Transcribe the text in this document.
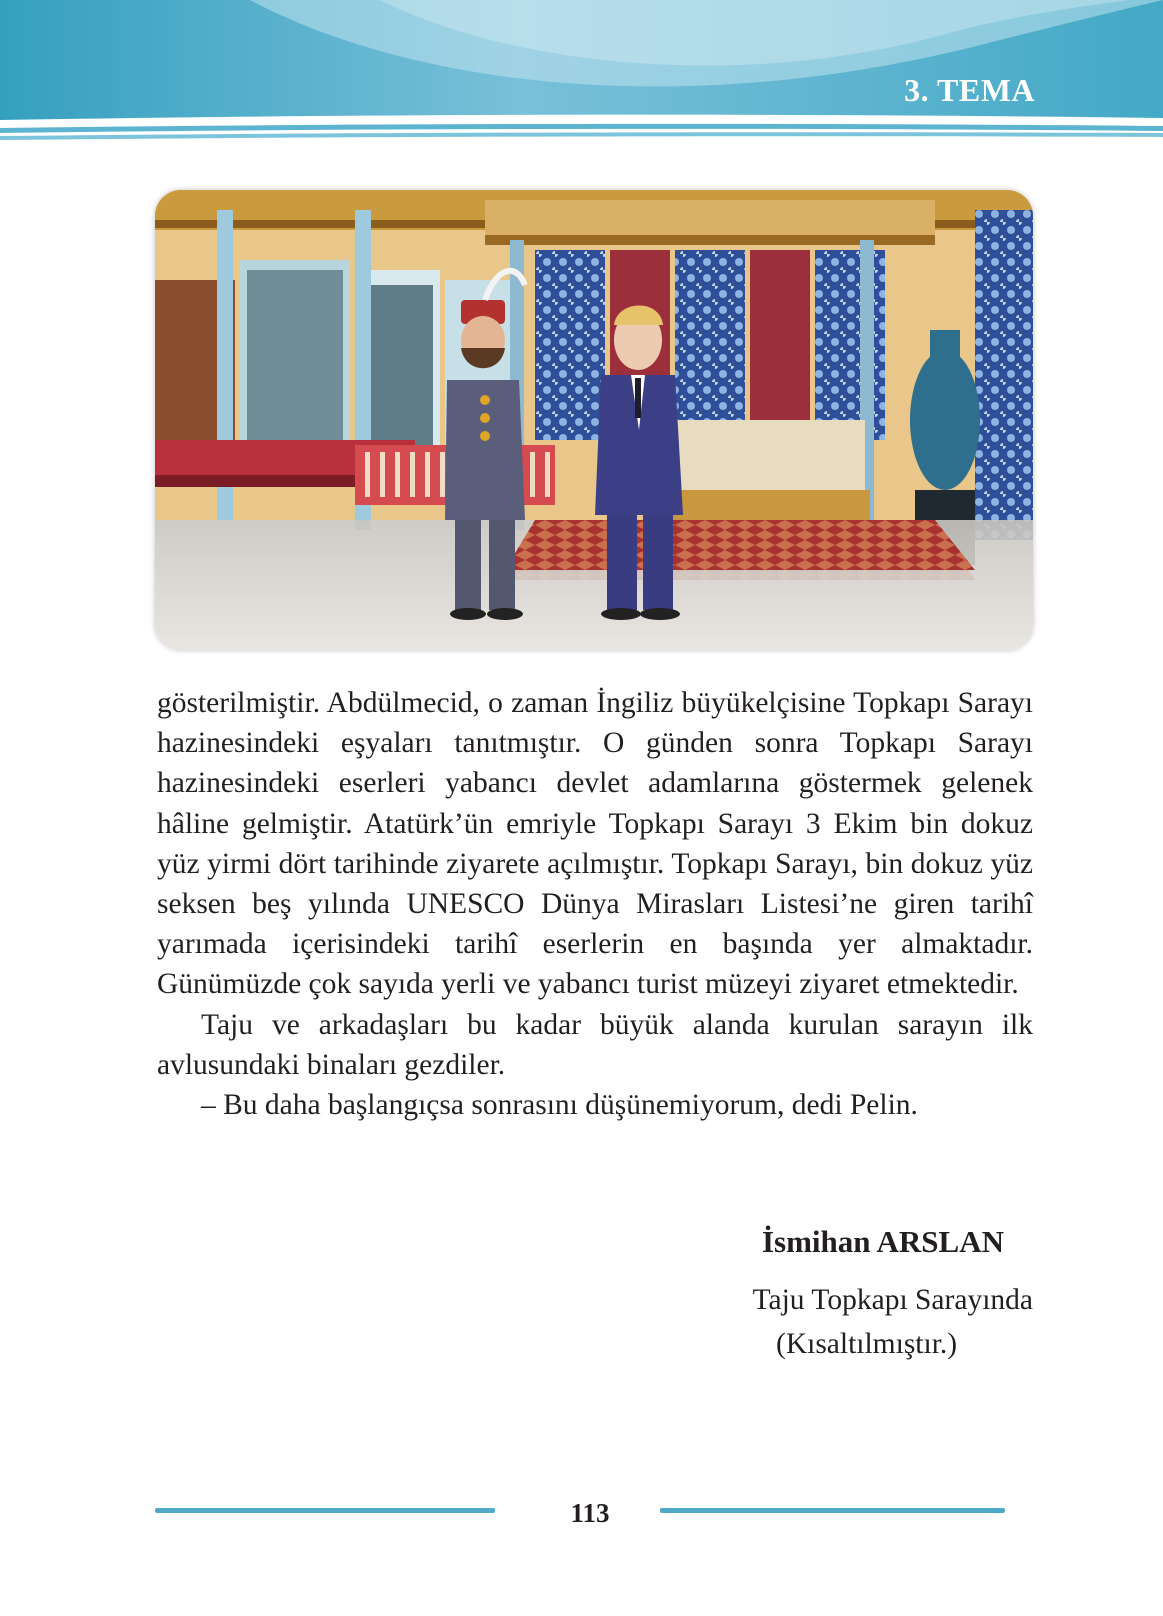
3. TEMA

gösterilmiştir. Abdülmecid, o zaman İngiliz büyükelçisine Topkapı Sarayı hazinesindeki eşyaları tanıtmıştır. O günden sonra Topkapı Sarayı hazinesindeki eserleri yabancı devlet adamlarına göstermek gelenek hâline gelmiştir. Atatürk’ün emriyle Topkapı Sarayı 3 Ekim bin dokuz yüz yirmi dört tarihinde ziyarete açılmıştır. Topkapı Sarayı, bin dokuz yüz seksen beş yılında UNESCO Dünya Mirasları Listesi’ne giren tarihî yarımada içerisindeki tarihî eserlerin en başında yer almaktadır. Günümüzde çok sayıda yerli ve yabancı turist müzeyi ziyaret etmektedir.

Taju ve arkadaşları bu kadar büyük alanda kurulan sarayın ilk avlusundaki binaları gezdiler.

– Bu daha başlangıçsa sonrasını düşünemiyorum, dedi Pelin.

İsmihan ARSLAN
Taju Topkapı Sarayında
(Kısaltılmıştır.)
113
